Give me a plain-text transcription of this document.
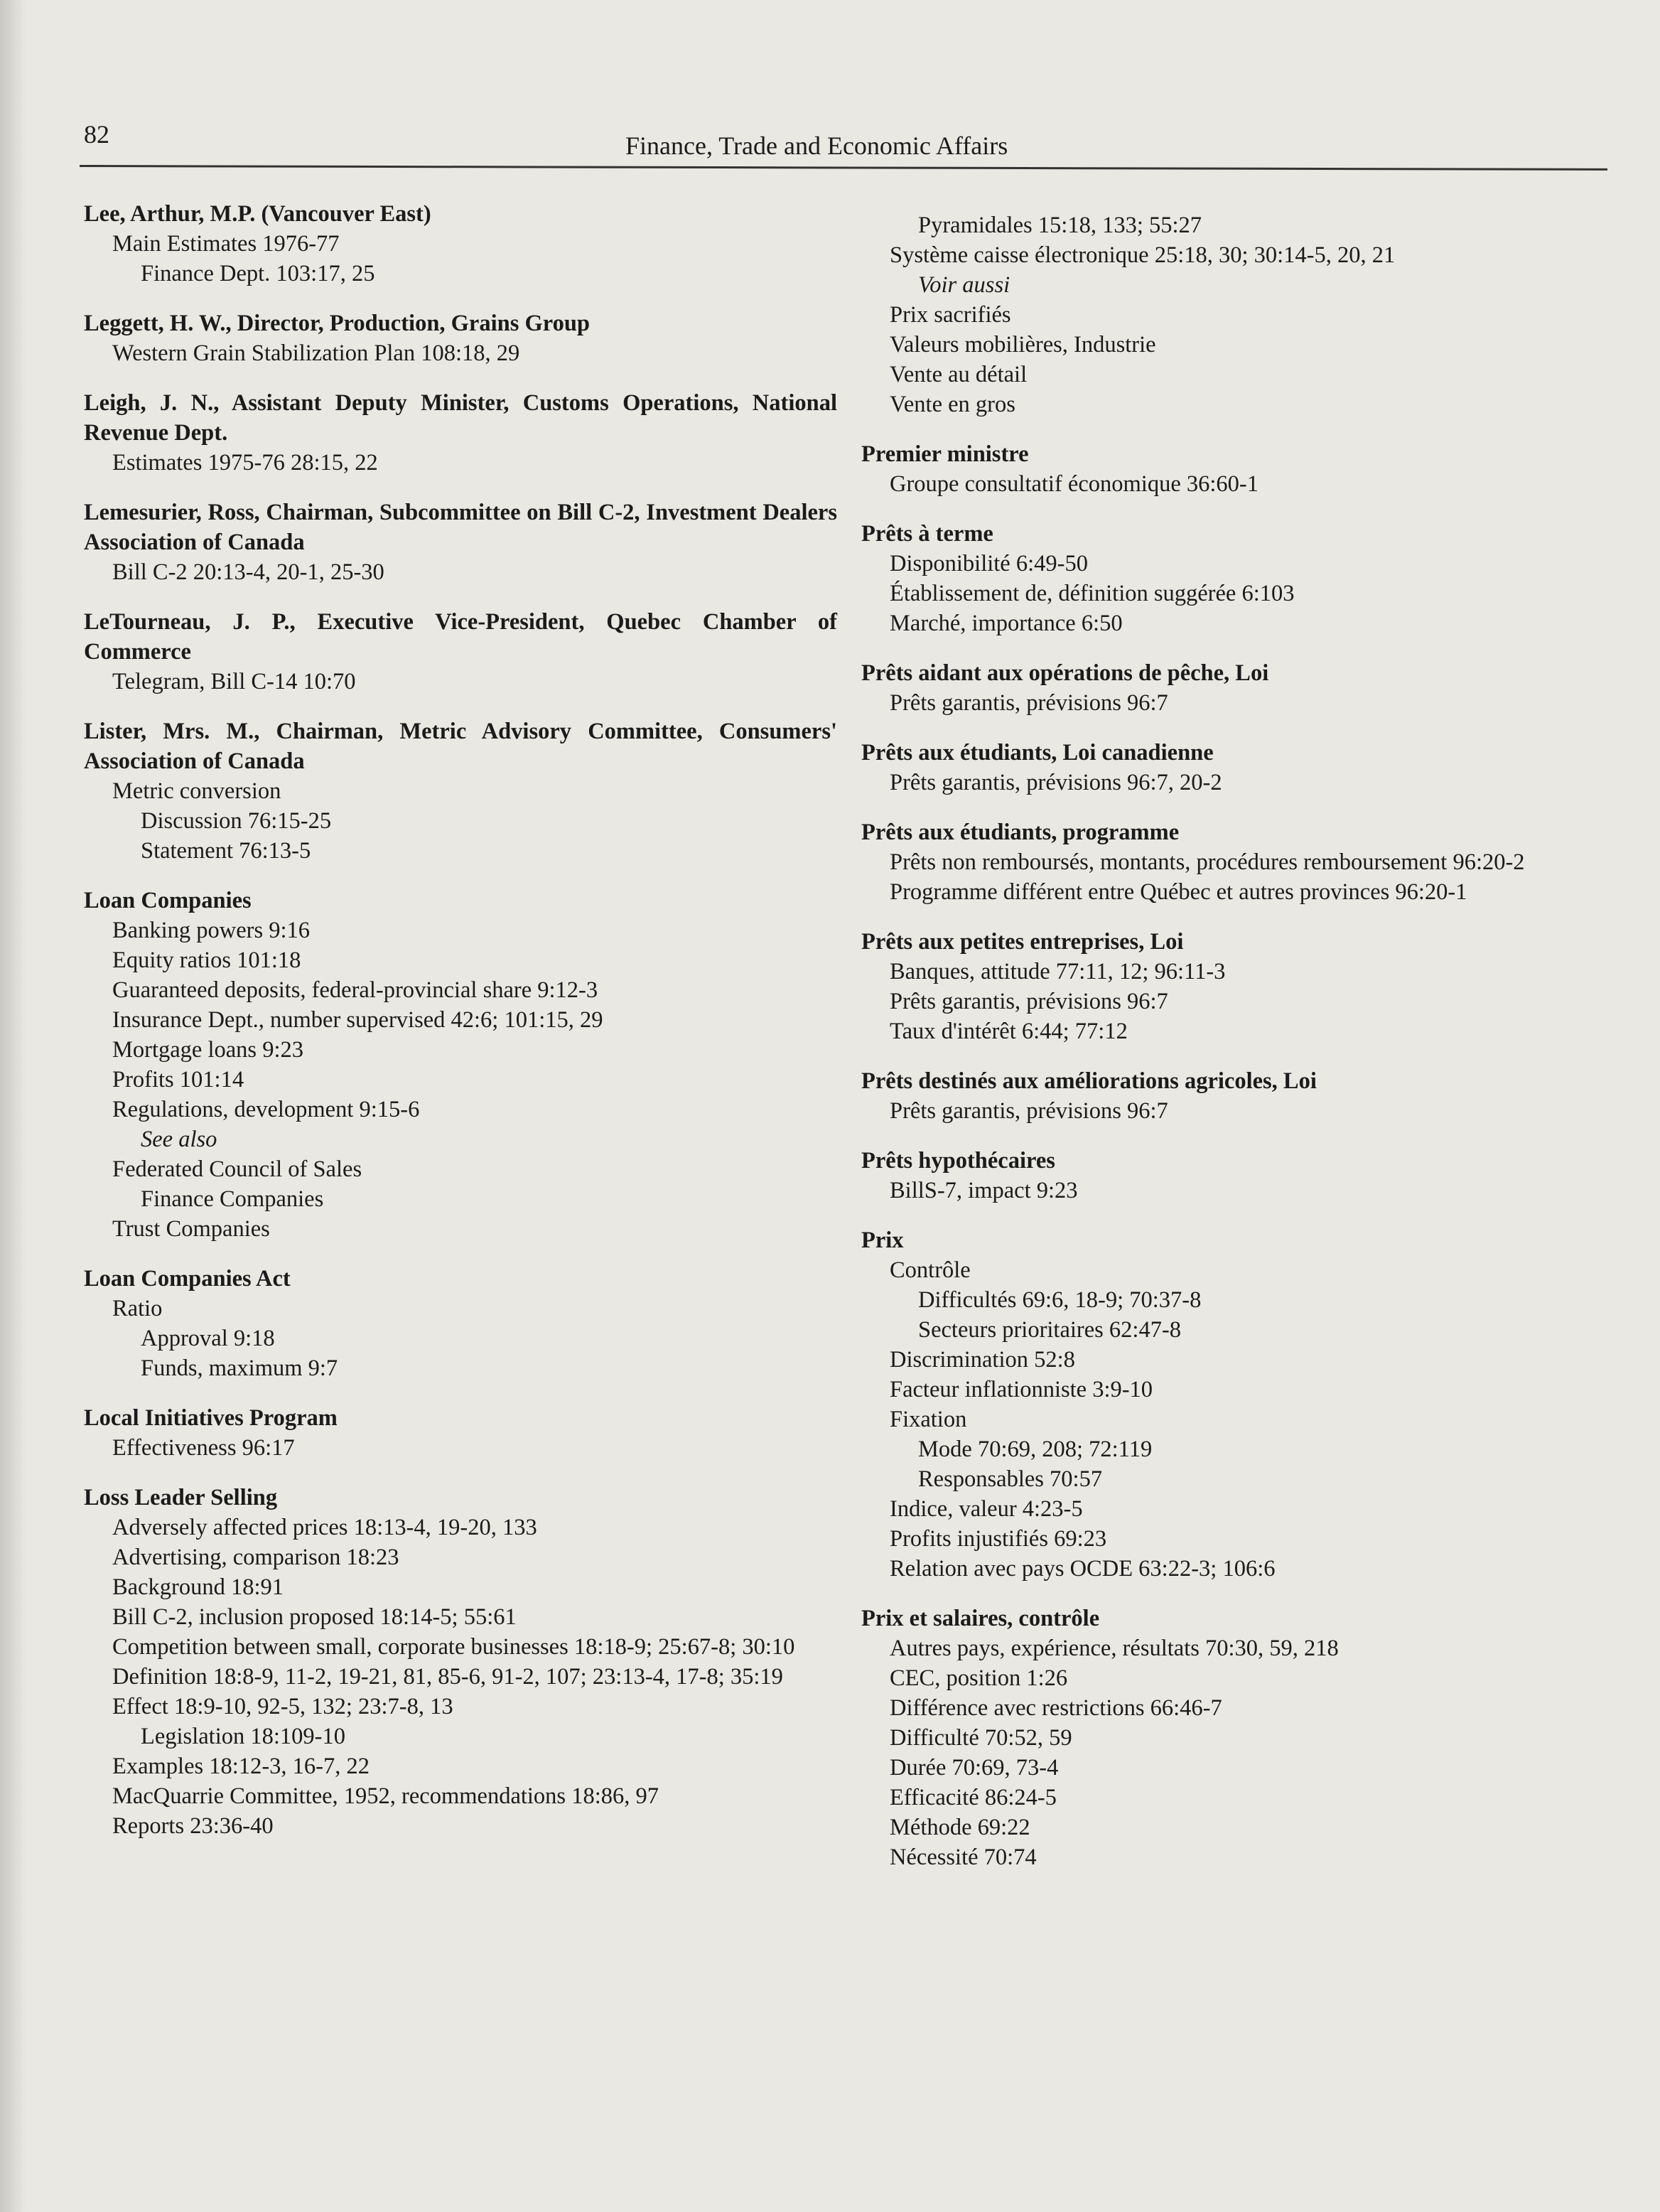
82	Finance, Trade and Economic Affairs
Lee, Arthur, M.P. (Vancouver East)
Main Estimates 1976-77
Finance Dept. 103:17, 25
Leggett, H. W., Director, Production, Grains Group
Western Grain Stabilization Plan 108:18, 29
Leigh, J. N., Assistant Deputy Minister, Customs Operations, National Revenue Dept.
Estimates 1975-76 28:15, 22
Lemesurier, Ross, Chairman, Subcommittee on Bill C-2, Investment Dealers Association of Canada
Bill C-2 20:13-4, 20-1, 25-30
LeTourneau, J. P., Executive Vice-President, Quebec Chamber of Commerce
Telegram, Bill C-14 10:70
Lister, Mrs. M., Chairman, Metric Advisory Committee, Consumers' Association of Canada
Metric conversion
Discussion 76:15-25
Statement 76:13-5
Loan Companies
Banking powers 9:16
Equity ratios 101:18
Guaranteed deposits, federal-provincial share 9:12-3
Insurance Dept., number supervised 42:6; 101:15, 29
Mortgage loans 9:23
Profits 101:14
Regulations, development 9:15-6
See also
Federated Council of Sales
Finance Companies
Trust Companies
Loan Companies Act
Ratio
Approval 9:18
Funds, maximum 9:7
Local Initiatives Program
Effectiveness 96:17
Loss Leader Selling
Adversely affected prices 18:13-4, 19-20, 133
Advertising, comparison 18:23
Background 18:91
Bill C-2, inclusion proposed 18:14-5; 55:61
Competition between small, corporate businesses 18:18-9; 25:67-8; 30:10
Definition 18:8-9, 11-2, 19-21, 81, 85-6, 91-2, 107; 23:13-4, 17-8; 35:19
Effect 18:9-10, 92-5, 132; 23:7-8, 13
Legislation 18:109-10
Examples 18:12-3, 16-7, 22
MacQuarrie Committee, 1952, recommendations 18:86, 97
Reports 23:36-40
Pyramidales 15:18, 133; 55:27
Système caisse électronique 25:18, 30; 30:14-5, 20, 21
Voir aussi
Prix sacrifiés
Valeurs mobilières, Industrie
Vente au détail
Vente en gros
Premier ministre
Groupe consultatif économique 36:60-1
Prêts à terme
Disponibilité 6:49-50
Établissement de, définition suggérée 6:103
Marché, importance 6:50
Prêts aidant aux opérations de pêche, Loi
Prêts garantis, prévisions 96:7
Prêts aux étudiants, Loi canadienne
Prêts garantis, prévisions 96:7, 20-2
Prêts aux étudiants, programme
Prêts non remboursés, montants, procédures remboursement 96:20-2
Programme différent entre Québec et autres provinces 96:20-1
Prêts aux petites entreprises, Loi
Banques, attitude 77:11, 12; 96:11-3
Prêts garantis, prévisions 96:7
Taux d'intérêt 6:44; 77:12
Prêts destinés aux améliorations agricoles, Loi
Prêts garantis, prévisions 96:7
Prêts hypothécaires
BillS-7, impact 9:23
Prix
Contrôle
Difficultés 69:6, 18-9; 70:37-8
Secteurs prioritaires 62:47-8
Discrimination 52:8
Facteur inflationniste 3:9-10
Fixation
Mode 70:69, 208; 72:119
Responsables 70:57
Indice, valeur 4:23-5
Profits injustifiés 69:23
Relation avec pays OCDE 63:22-3; 106:6
Prix et salaires, contrôle
Autres pays, expérience, résultats 70:30, 59, 218
CEC, position 1:26
Différence avec restrictions 66:46-7
Difficulté 70:52, 59
Durée 70:69, 73-4
Efficacité 86:24-5
Méthode 69:22
Nécessité 70:74
